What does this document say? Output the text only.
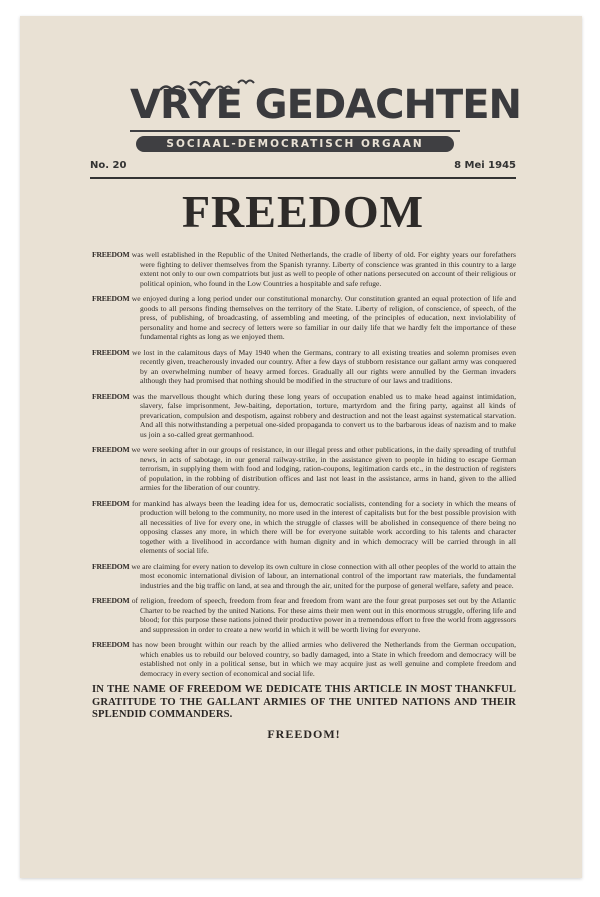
VRYE GEDACHTEN
SOCIAAL-DEMOCRATISCH ORGAAN
No. 20	8 Mei 1945
FREEDOM

FREEDOM was well established in the Republic of the United Netherlands, the cradle of liberty of old. For eighty years our forefathers were fighting to deliver themselves from the Spanish tyranny. Liberty of conscience was granted in this country to a large extent not only to our own compatriots but just as well to people of other nations persecuted on account of their religious or political opinion, who found in the Low Countries a hospitable and safe refuge.

FREEDOM we enjoyed during a long period under our constitutional monarchy. Our constitution granted an equal protection of life and goods to all persons finding themselves on the territory of the State. Liberty of religion, of conscience, of speech, of the press, of publishing, of broadcasting, of assembling and meeting, of the principles of education, next inviolability of personality and home and secrecy of letters were so familiar in our daily life that we hardly felt the importance of these fundamental rights as long as we enjoyed them.

FREEDOM we lost in the calamitous days of May 1940 when the Germans, contrary to all existing treaties and solemn promises even recently given, treacherously invaded our country. After a few days of stubborn resistance our gallant army was conquered by an overwhelming number of heavy armed forces. Gradually all our rights were annulled by the German invaders although they had promised that nothing should be modified in the structure of our laws and traditions.

FREEDOM was the marvellous thought which during these long years of occupation enabled us to make head against intimidation, slavery, false imprisonment, Jew-baiting, deportation, torture, martyrdom and the firing party, against all kinds of prevarication, compulsion and despotism, against robbery and destruction and not the least against systematical starvation. And all this notwithstanding a perpetual one-sided propaganda to convert us to the barbarous ideas of nazism and to make us join a so-called great germanhood.

FREEDOM we were seeking after in our groups of resistance, in our illegal press and other publications, in the daily spreading of truthful news, in acts of sabotage, in our general railway-strike, in the assistance given to people in hiding to escape German terrorism, in supplying them with food and lodging, ration-coupons, legitimation cards etc., in the destruction of registers of population, in the robbing of distribution offices and last not least in the assistance, arms in hand, given to the allied armies for the liberation of our country.

FREEDOM for mankind has always been the leading idea for us, democratic socialists, contending for a society in which the means of production will belong to the community, no more used in the interest of capitalists but for the best possible provision with all necessities of live for every one, in which the struggle of classes will be abolished in consequence of there being no opposing classes any more, in which there will be for everyone suitable work according to his talents and character together with a livelihood in accordance with human dignity and in which democracy will be carried through in all elements of social life.

FREEDOM we are claiming for every nation to develop its own culture in close connection with all other peoples of the world to attain the most economic international division of labour, an international control of the important raw materials, the fundamental industries and the big traffic on land, at sea and through the air, united for the purpose of general welfare, safety and peace.

FREEDOM of religion, freedom of speech, freedom from fear and freedom from want are the four great purposes set out by the Atlantic Charter to be reached by the united Nations. For these aims their men went out in this enormous struggle, offering life and blood; for this purpose these nations joined their productive power in a tremendous effort to free the world from aggressors and suppression in order to create a new world in which it will be worth living for everyone.

FREEDOM has now been brought within our reach by the allied armies who delivered the Netherlands from the German occupation, which enables us to rebuild our beloved country, so badly damaged, into a State in which freedom and democracy will be established not only in a political sense, but in which we may acquire just as well genuine and complete freedom and democracy in every section of economical and social life.

IN THE NAME OF FREEDOM WE DEDICATE THIS ARTICLE IN MOST THANKFUL GRATITUDE TO THE GALLANT ARMIES OF THE UNITED NATIONS AND THEIR SPLENDID COMMANDERS.

FREEDOM!
